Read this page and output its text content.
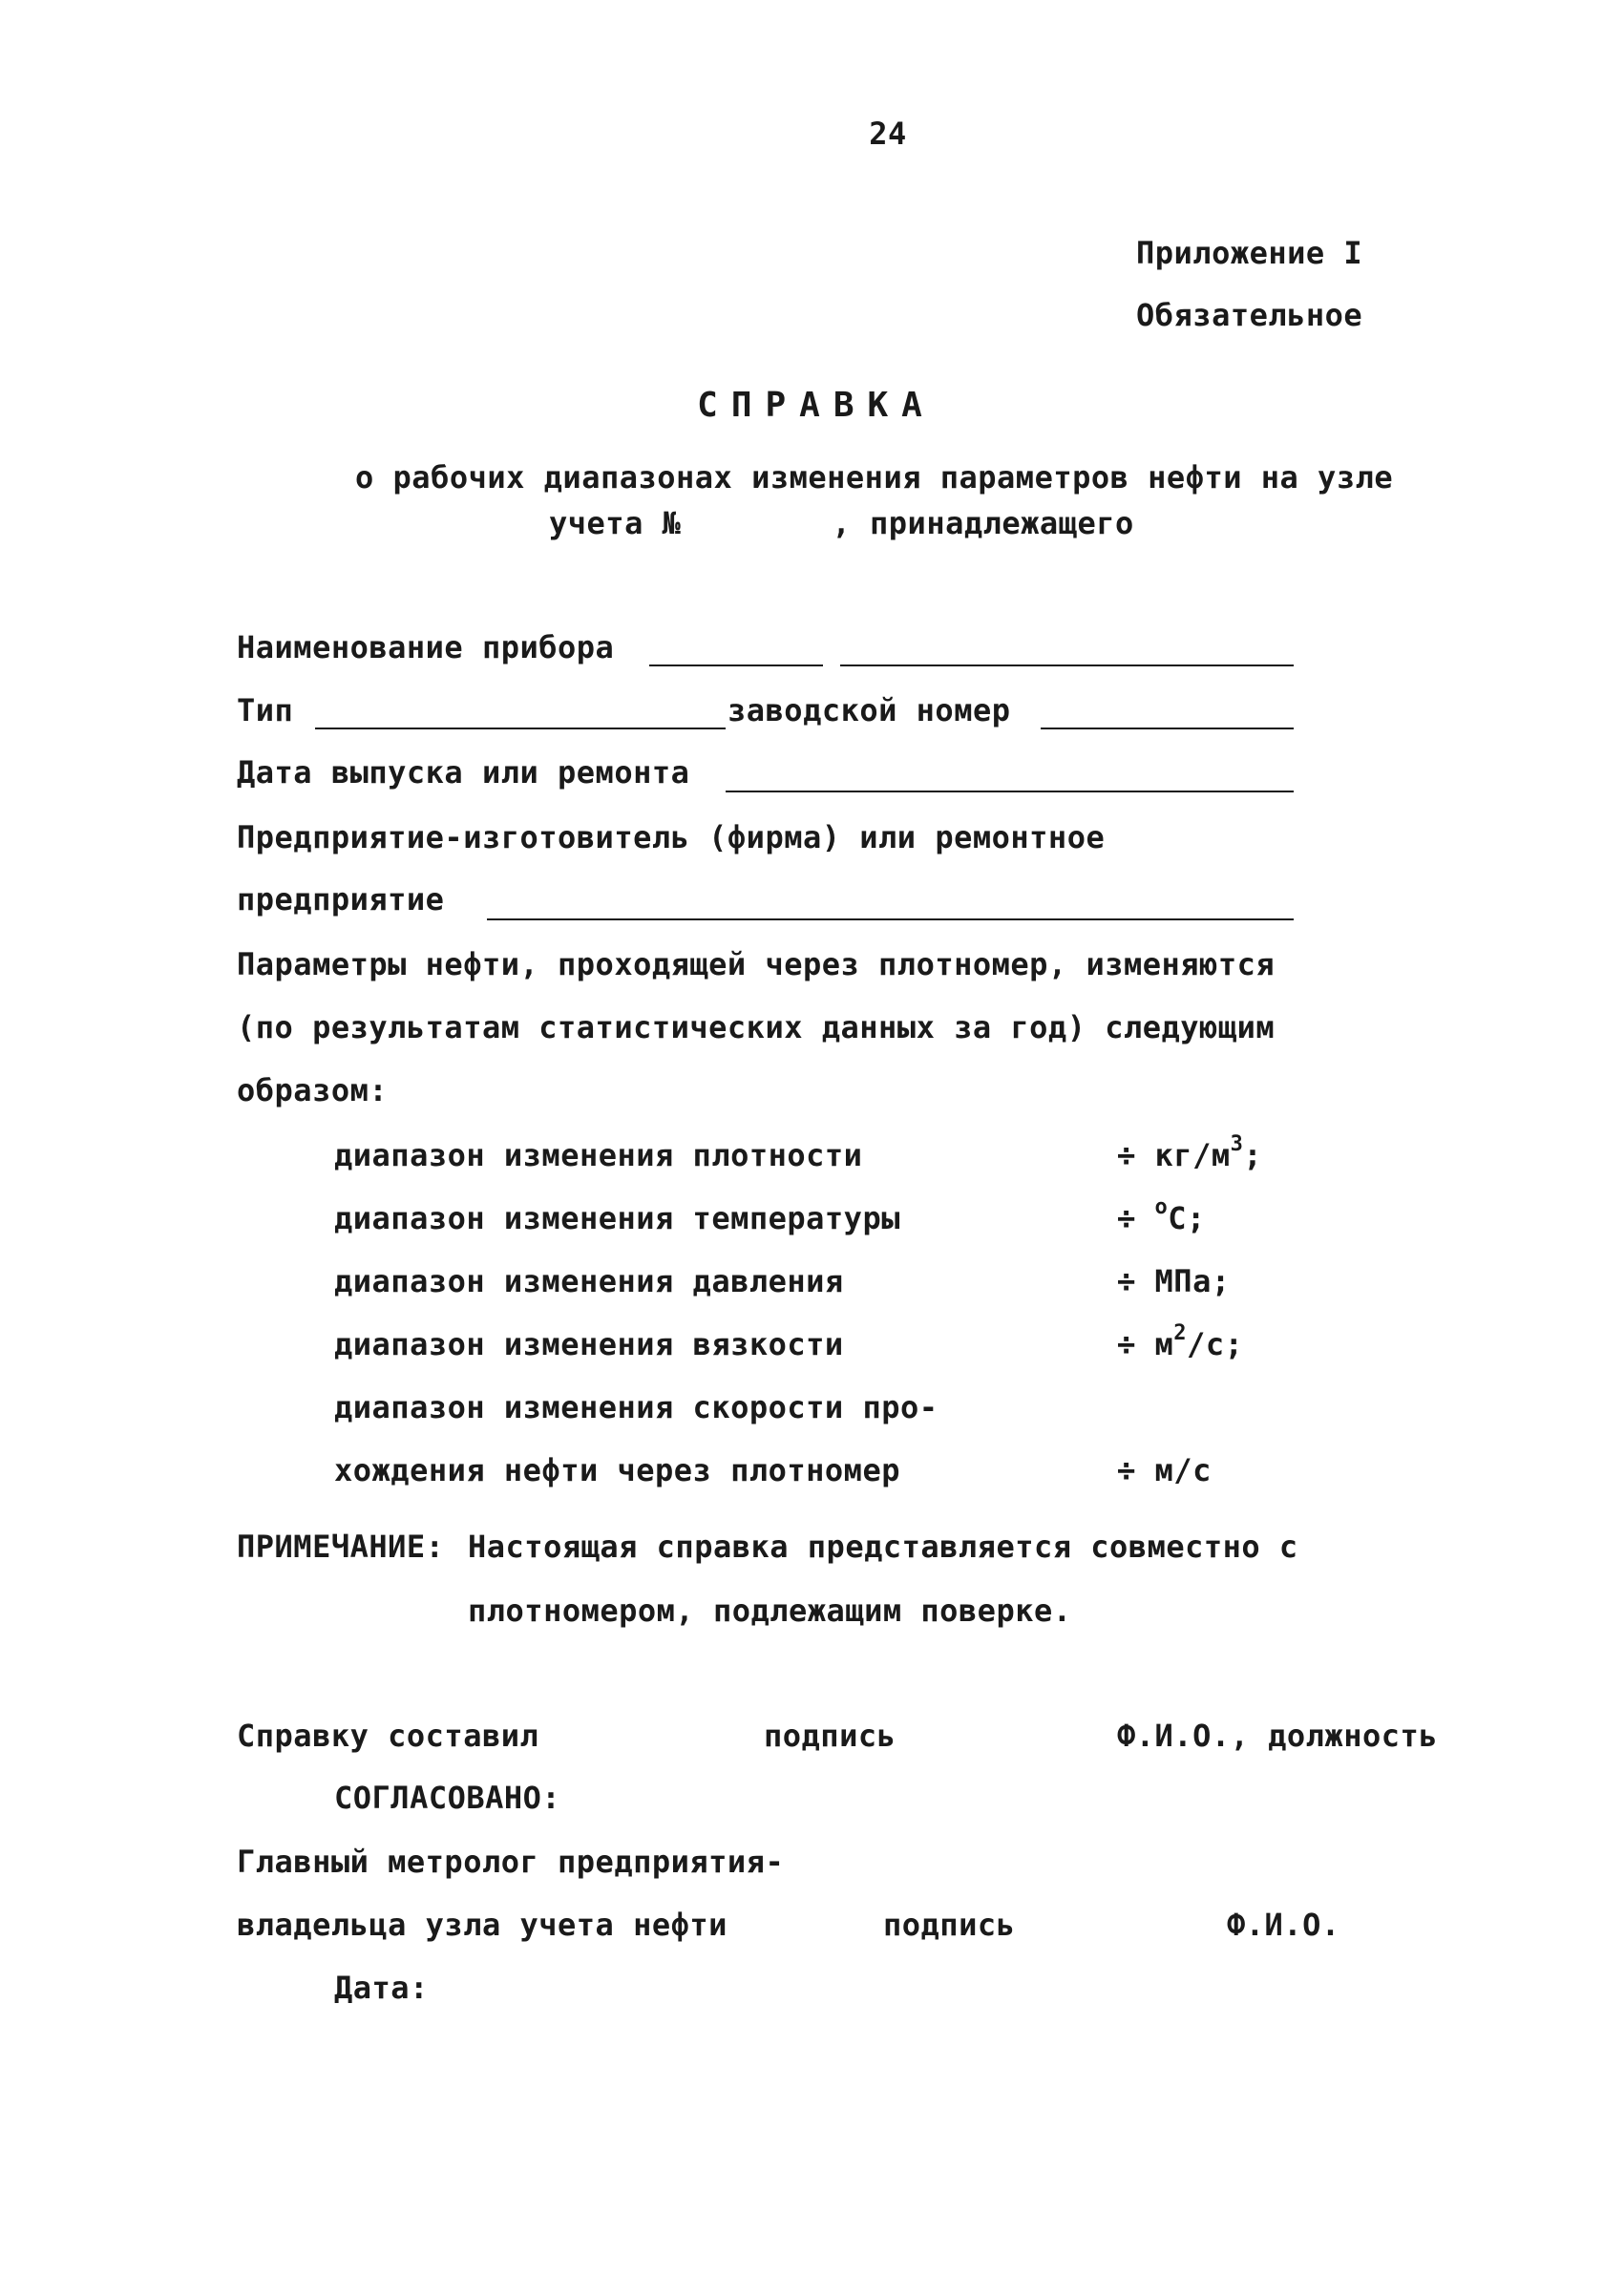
24
Приложение I
Обязательное
СПРАВКА
о рабочих диапазонах изменения параметров нефти на узле
учета №        , принадлежащего
Наименование прибора
Тип	заводской номер
Дата выпуска или ремонта
Предприятие-изготовитель (фирма) или ремонтное
предприятие
Параметры нефти, проходящей через плотномер, изменяются
(по результатам статистических данных за год) следующим
образом:
диапазон изменения плотности	÷ $кг/м^3$;
диапазон изменения температуры	÷ $^o$C;
диапазон изменения давления	÷ МПа;
диапазон изменения вязкости	÷ $м^2/с$;
диапазон изменения скорости про-
хождения нефти через плотномер	÷ м/с
ПРИМЕЧАНИЕ: Настоящая справка представляется совместно с
плотномером, подлежащим поверке.
Справку составил	подпись	Ф.И.О., должность
СОГЛАСОВАНО:
Главный метролог предприятия-
владельца узла учета нефти	подпись	Ф.И.О.
Дата:
